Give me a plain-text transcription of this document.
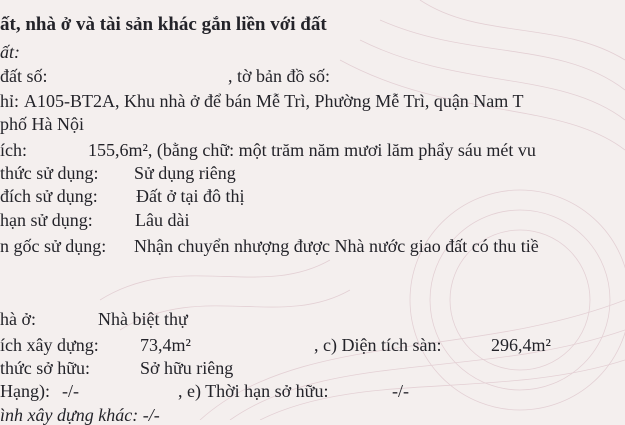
ất, nhà ở và tài sản khác gắn liền với đất
ất:
đất số:	, tờ bản đồ số:
hỉ: A105-BT2A, Khu nhà ở để bán Mễ Trì, Phường Mễ Trì, quận Nam T
phố Hà Nội
ích:	155,6m², (bằng chữ: một trăm năm mươi lăm phẩy sáu mét vu
thức sử dụng: Sử dụng riêng
đích sử dụng: Đất ở tại đô thị
hạn sử dụng: Lâu dài
n gốc sử dụng: Nhận chuyển nhượng được Nhà nước giao đất có thu tiề
hà ở:	Nhà biệt thự
ích xây dựng: 73,4m²	, c) Diện tích sàn:	296,4m²
thức sở hữu:	Sở hữu riêng
Hạng): -/-	, e) Thời hạn sở hữu:	-/-
ình xây dựng khác: -/-
